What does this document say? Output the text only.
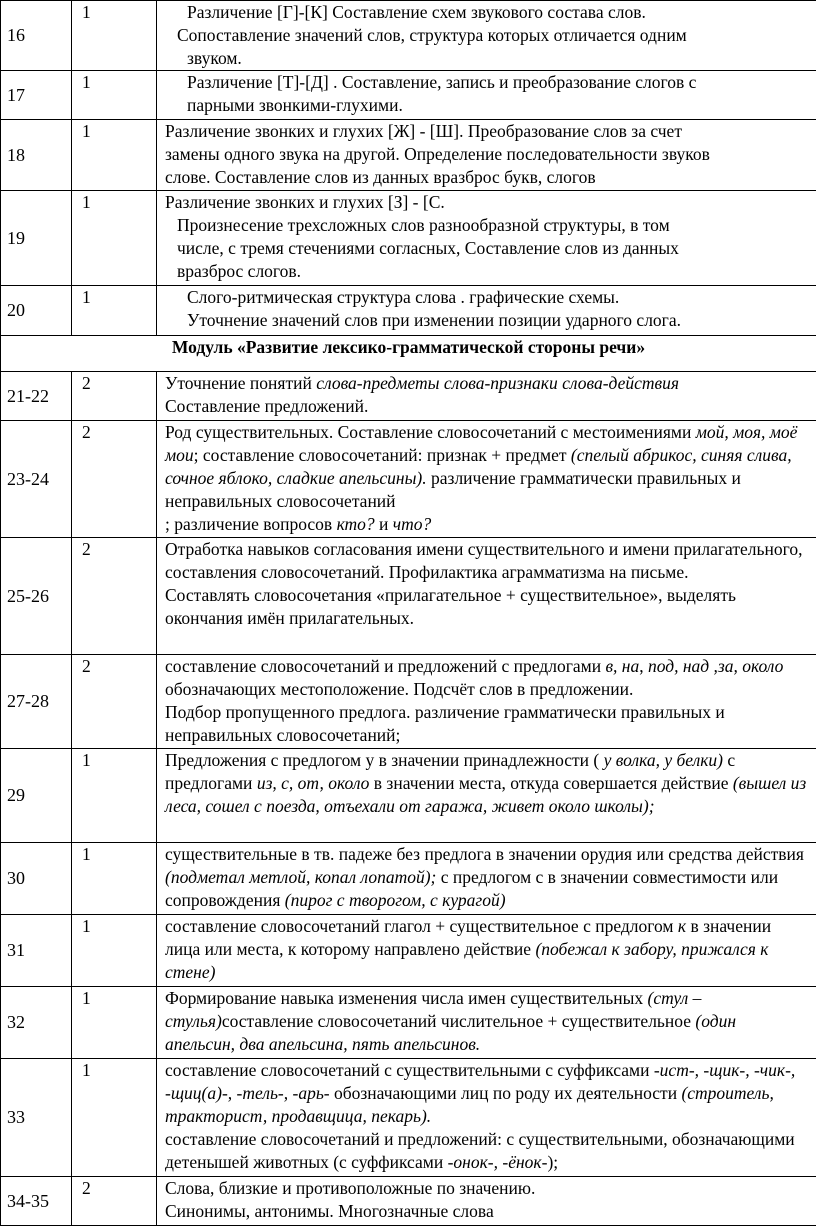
16	1	Различение [Г]-[К] Составление схем звукового состава слов.

Сопоставление значений слов, структура которых отличается одним

звуком.

17	1	Различение [Т]-[Д] . Составление, запись и преобразование слогов с

парными звонкими-глухими.

18	1	Различение звонких и глухих [Ж] - [Ш]. Преобразование слов за счет

замены одного звука на другой. Определение последовательности звуков

слове. Составление слов из данных вразброс букв, слогов

19	1	Различение звонких и глухих [З] - [С.

Произнесение трехсложных слов разнообразной структуры, в том

числе, с тремя стечениями согласных, Составление слов из данных

вразброс слогов.

20	1	Слого-ритмическая структура слова . графические схемы.

Уточнение значений слов при изменении позиции ударного слога.

Модуль «Развитие лексико-грамматической стороны речи»		
21-22	2	Уточнение понятий слова-предметы слова-признаки слова-действия

Составление предложений.

23-24	2	Род существительных. Составление словосочетаний с местоимениями мой, моя, моё мои; составление словосочетаний: признак + предмет (спелый абрикос, синяя слива, сочное яблоко, сладкие апельсины). различение грамматически правильных и неправильных словосочетаний

; различение вопросов кто? и что?

25-26	2	Отработка навыков согласования имени существительного и имени прилагательного, составления словосочетаний. Профилактика аграмматизма на письме.

Составлять словосочетания «прилагательное + существительное», выделять окончания имён прилагательных.

27-28	2	составление словосочетаний и предложений с предлогами в, на, под, над ,за, около обозначающих местоположение. Подсчёт слов в предложении.

Подбор пропущенного предлога. различение грамматически правильных и неправильных словосочетаний;

29	1	Предложения с предлогом у в значении принадлежности ( у волка, у белки) с предлогами из, с, от, около в значении места, откуда совершается действие (вышел из леса, сошел с поезда, отъехали от гаража, живет около школы);

30	1	существительные в тв. падеже без предлога в значении орудия или средства действия (подметал метлой, копал лопатой); с предлогом с в значении совместимости или сопровождения (пирог с творогом, с курагой)

31	1	составление словосочетаний глагол + существительное с предлогом к в значении лица или места, к которому направлено действие (побежал к забору, прижался к стене)

32	1	Формирование навыка изменения числа имен существительных (стул – стулья)составление словосочетаний числительное + существительное (один апельсин, два апельсина, пять апельсинов.

33	1	составление словосочетаний с существительными с суффиксами -ист-, -щик-, -чик-, -щиц(а)-, -тель-, -арь- обозначающими лиц по роду их деятельности (строитель, тракторист, продавщица, пекарь).

составление словосочетаний и предложений: с существительными, обозначающими детенышей животных (с суффиксами -онок-, -ёнок-);

34-35	2	Слова, близкие и противоположные по значению.

Синонимы, антонимы. Многозначные слова
